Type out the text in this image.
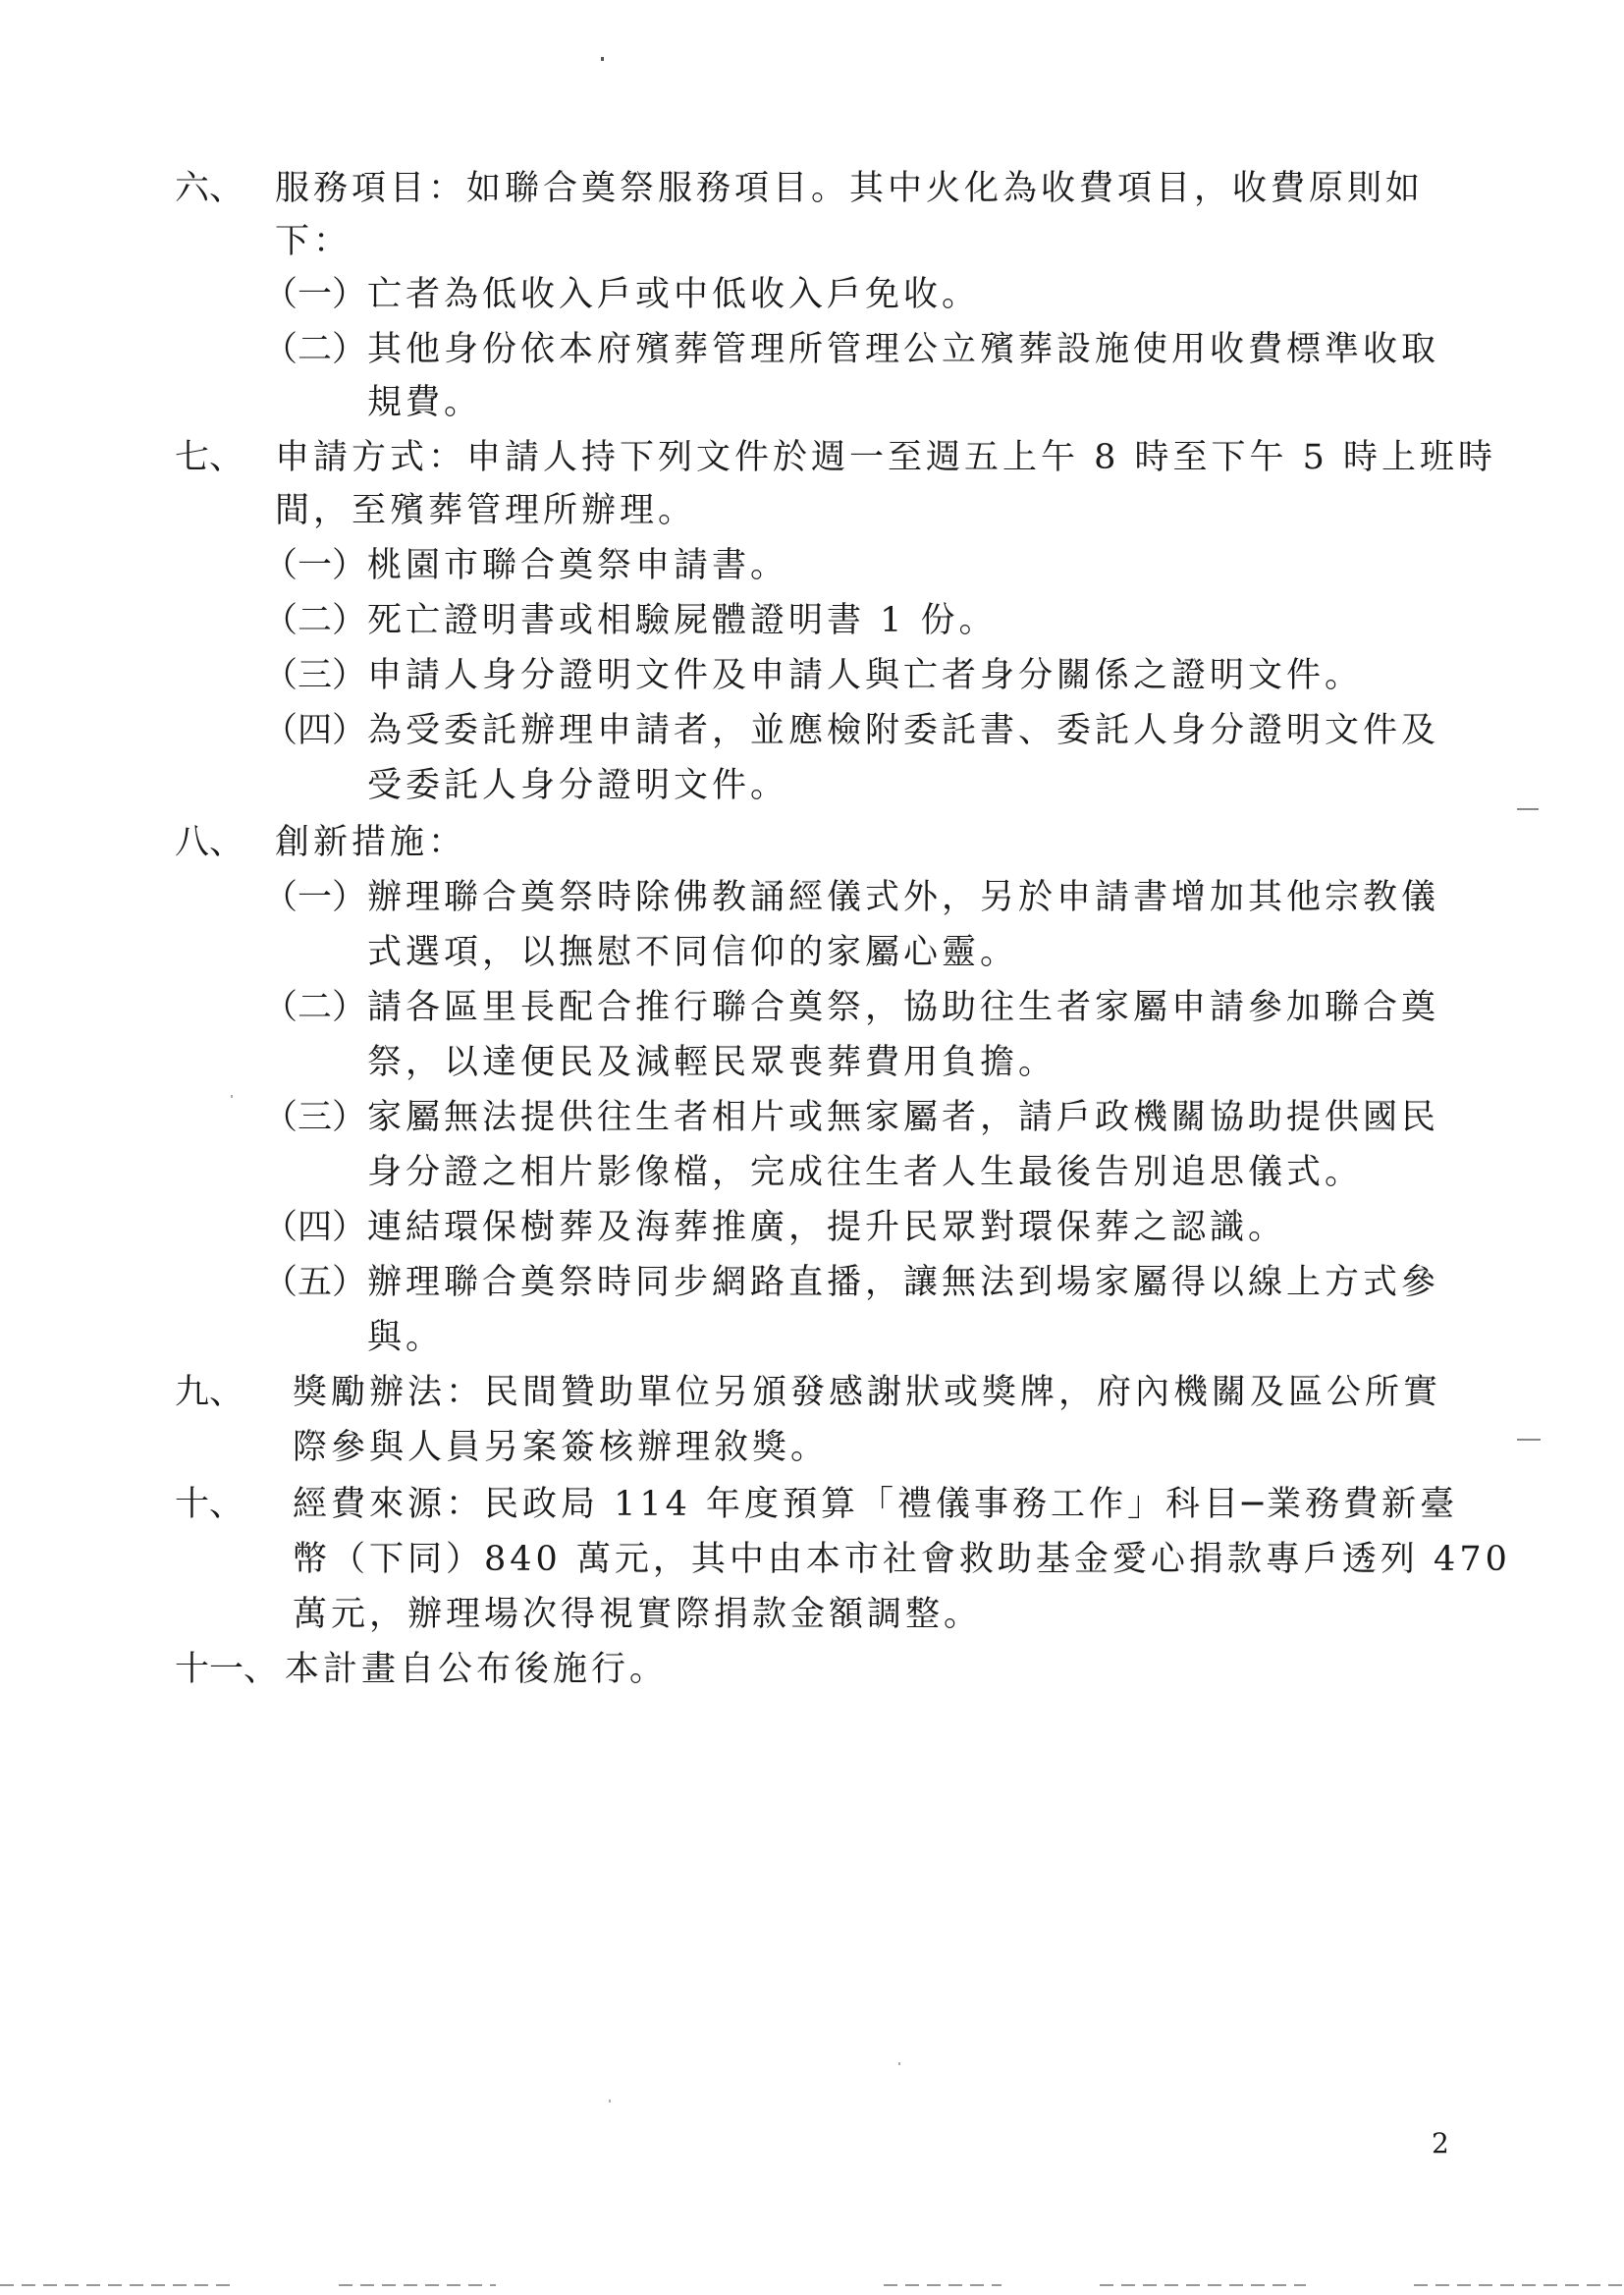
六、 服務項目：如聯合奠祭服務項目。其中火化為收費項目，收費原則如
下：
（一） 亡者為低收入戶或中低收入戶免收。
（二） 其他身份依本府殯葬管理所管理公立殯葬設施使用收費標準收取
規費。
七、 申請方式：申請人持下列文件於週一至週五上午 8 時至下午 5 時上班時
間，至殯葬管理所辦理。
（一） 桃園市聯合奠祭申請書。
（二） 死亡證明書或相驗屍體證明書 1 份。
（三） 申請人身分證明文件及申請人與亡者身分關係之證明文件。
（四） 為受委託辦理申請者，並應檢附委託書、委託人身分證明文件及
受委託人身分證明文件。
八、 創新措施：
（一） 辦理聯合奠祭時除佛教誦經儀式外，另於申請書增加其他宗教儀
式選項，以撫慰不同信仰的家屬心靈。
（二） 請各區里長配合推行聯合奠祭，協助往生者家屬申請參加聯合奠
祭，以達便民及減輕民眾喪葬費用負擔。
（三） 家屬無法提供往生者相片或無家屬者，請戶政機關協助提供國民
身分證之相片影像檔，完成往生者人生最後告別追思儀式。
（四） 連結環保樹葬及海葬推廣，提升民眾對環保葬之認識。
（五） 辦理聯合奠祭時同步網路直播，讓無法到場家屬得以線上方式參
與。
九、 獎勵辦法：民間贊助單位另頒發感謝狀或獎牌，府內機關及區公所實
際參與人員另案簽核辦理敘獎。
十、 經費來源：民政局 114 年度預算「禮儀事務工作」科目─業務費新臺
幣（下同）840 萬元，其中由本市社會救助基金愛心捐款專戶透列 470
萬元，辦理場次得視實際捐款金額調整。
十一、 本計畫自公布後施行。
2
